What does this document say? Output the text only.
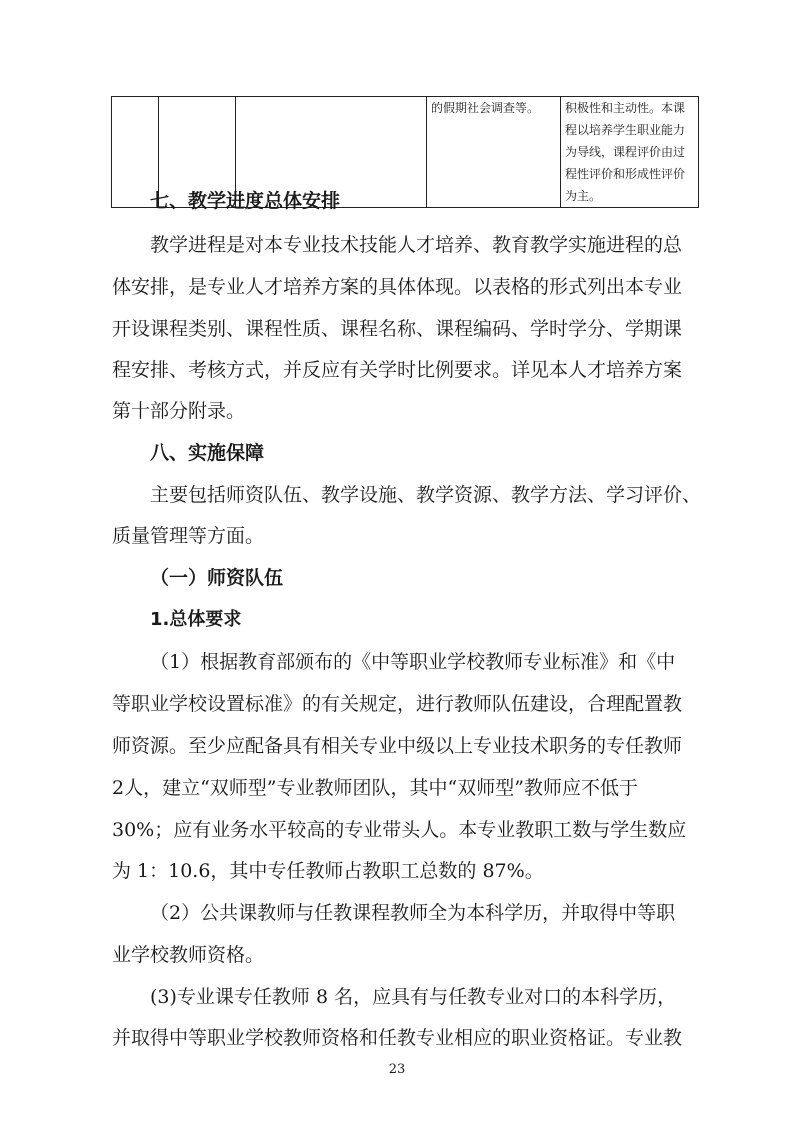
			的假期社会调查等。	积极性和主动性。本课程以培养学生职业能力为导线，课程评价由过程性评价和形成性评价为主。
七、教学进度总体安排
教学进程是对本专业技术技能人才培养、教育教学实施进程的总
体安排，是专业人才培养方案的具体体现。以表格的形式列出本专业
开设课程类别、课程性质、课程名称、课程编码、学时学分、学期课
程安排、考核方式，并反应有关学时比例要求。详见本人才培养方案
第十部分附录。
八、实施保障
主要包括师资队伍、教学设施、教学资源、教学方法、学习评价、
质量管理等方面。
（一）师资队伍
1.总体要求
（1）根据教育部颁布的《中等职业学校教师专业标准》和《中
等职业学校设置标准》的有关规定，进行教师队伍建设，合理配置教
师资源。至少应配备具有相关专业中级以上专业技术职务的专任教师
2人，建立“双师型”专业教师团队，其中“双师型”教师应不低于
30%；应有业务水平较高的专业带头人。本专业教职工数与学生数应
为 1：10.6，其中专任教师占教职工总数的 87%。
（2）公共课教师与任教课程教师全为本科学历，并取得中等职
业学校教师资格。
(3)专业课专任教师 8 名，应具有与任教专业对口的本科学历，
并取得中等职业学校教师资格和任教专业相应的职业资格证。专业教
23
